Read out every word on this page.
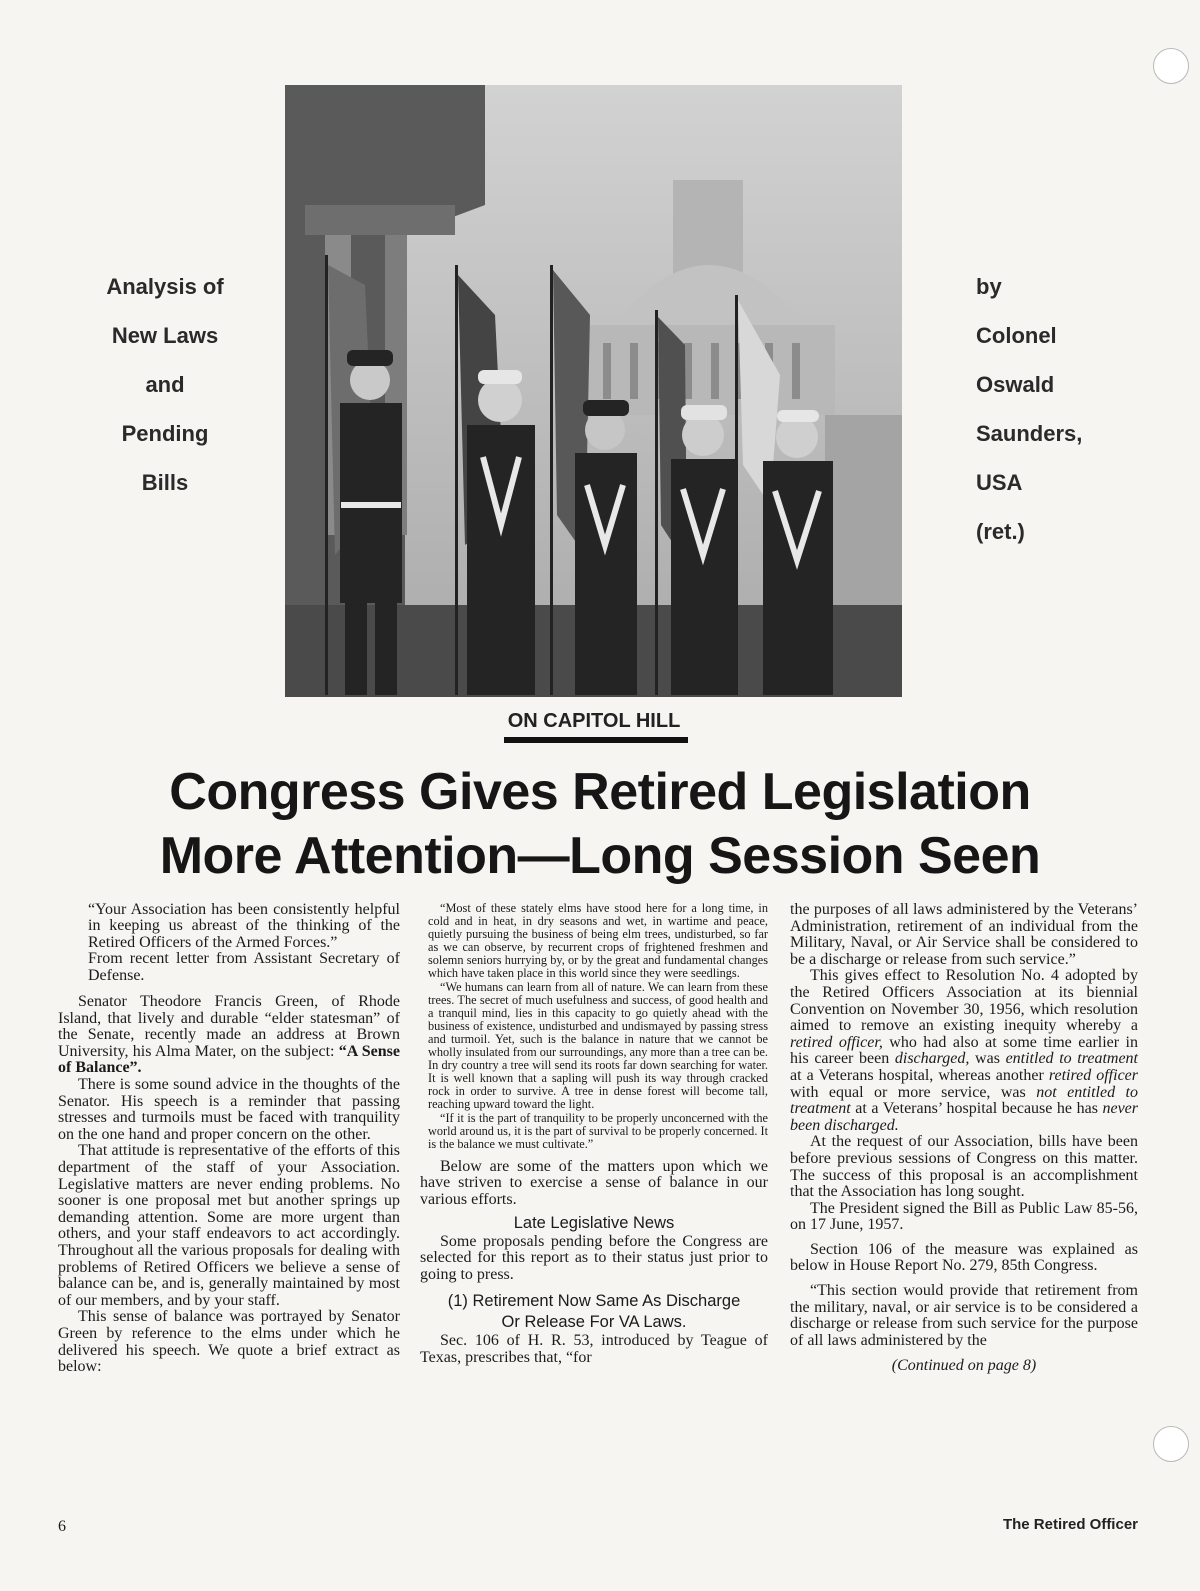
Analysis of
New Laws
and
Pending
Bills
by
Colonel
Oswald
Saunders,
USA
(ret.)
ON CAPITOL HILL
Congress Gives Retired Legislation
More Attention—Long Session Seen

“Your Association has been consistently helpful in keeping us abreast of the thinking of the Retired Officers of the Armed Forces.”

From recent letter from Assistant Secretary of Defense.

Senator Theodore Francis Green, of Rhode Island, that lively and durable “elder statesman” of the Senate, recently made an address at Brown University, his Alma Mater, on the subject: “A Sense of Balance”.

There is some sound advice in the thoughts of the Senator. His speech is a reminder that passing stresses and turmoils must be faced with tranquility on the one hand and proper concern on the other.

That attitude is representative of the efforts of this department of the staff of your Association. Legislative matters are never ending problems. No sooner is one proposal met but another springs up demanding attention. Some are more urgent than others, and your staff endeavors to act accordingly. Throughout all the various proposals for dealing with problems of Retired Officers we believe a sense of balance can be, and is, generally maintained by most of our members, and by your staff.

This sense of balance was portrayed by Senator Green by reference to the elms under which he delivered his speech. We quote a brief extract as below:

“Most of these stately elms have stood here for a long time, in cold and in heat, in dry seasons and wet, in wartime and peace, quietly pursuing the business of being elm trees, undisturbed, so far as we can observe, by recurrent crops of frightened freshmen and solemn seniors hurrying by, or by the great and fundamental changes which have taken place in this world since they were seedlings.

“We humans can learn from all of nature. We can learn from these trees. The secret of much usefulness and success, of good health and a tranquil mind, lies in this capacity to go quietly ahead with the business of existence, undisturbed and undismayed by passing stress and turmoil. Yet, such is the balance in nature that we cannot be wholly insulated from our surroundings, any more than a tree can be. In dry country a tree will send its roots far down searching for water. It is well known that a sapling will push its way through cracked rock in order to survive. A tree in dense forest will become tall, reaching upward toward the light.

“If it is the part of tranquility to be properly unconcerned with the world around us, it is the part of survival to be properly concerned. It is the balance we must cultivate.”

Below are some of the matters upon which we have striven to exercise a sense of balance in our various efforts.

Late Legislative News

Some proposals pending before the Congress are selected for this report as to their status just prior to going to press.

(1) Retirement Now Same As Discharge
Or Release For VA Laws.

Sec. 106 of H. R. 53, introduced by Teague of Texas, prescribes that, “for

the purposes of all laws administered by the Veterans’ Administration, retirement of an individual from the Military, Naval, or Air Service shall be considered to be a discharge or release from such service.”

This gives effect to Resolution No. 4 adopted by the Retired Officers Association at its biennial Convention on November 30, 1956, which resolution aimed to remove an existing inequity whereby a retired officer, who had also at some time earlier in his career been discharged, was entitled to treatment at a Veterans hospital, whereas another retired officer with equal or more service, was not entitled to treatment at a Veterans’ hospital because he has never been discharged.

At the request of our Association, bills have been before previous sessions of Congress on this matter. The success of this proposal is an accomplishment that the Association has long sought.

The President signed the Bill as Public Law 85-56, on 17 June, 1957.

Section 106 of the measure was explained as below in House Report No. 279, 85th Congress.

“This section would provide that retirement from the military, naval, or air service is to be considered a discharge or release from such service for the purpose of all laws administered by the

(Continued on page 8)
6	The Retired Officer
